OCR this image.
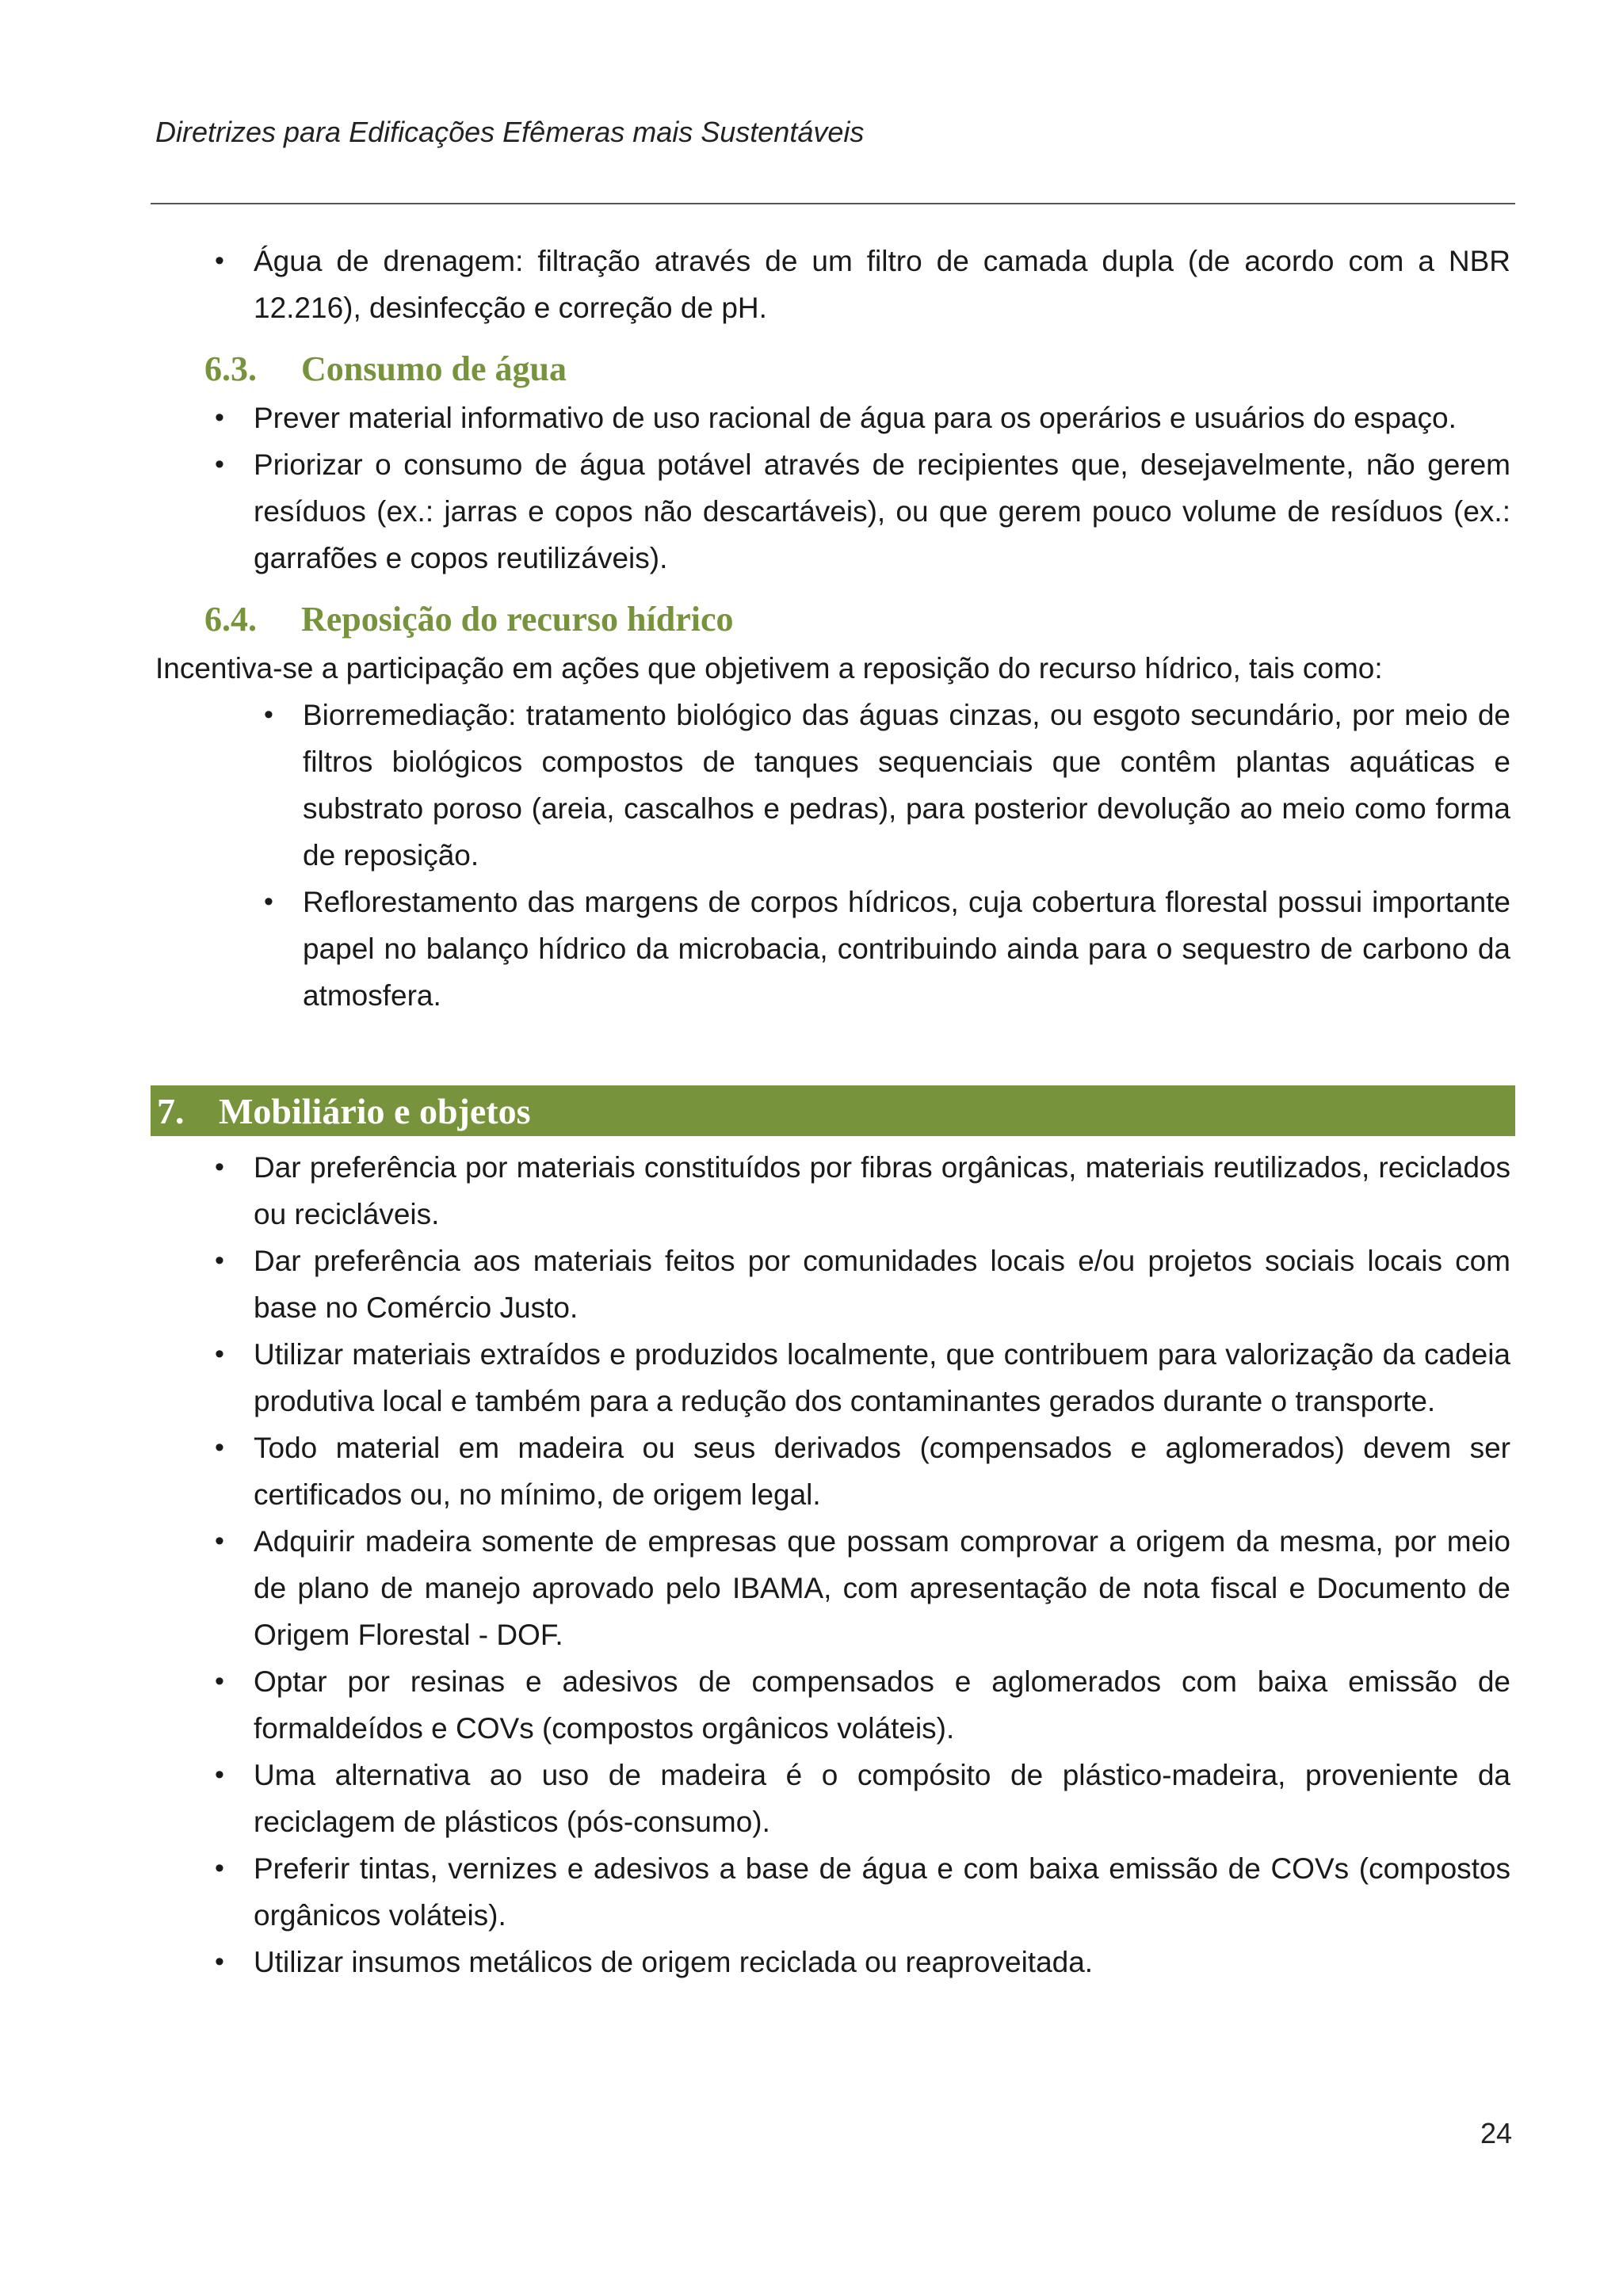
Diretrizes para Edificações Efêmeras mais Sustentáveis
• Água de drenagem: filtração através de um filtro de camada dupla (de acordo com a NBR 12.216), desinfecção e correção de pH.
6.3.	Consumo de água
• Prever material informativo de uso racional de água para os operários e usuários do espaço.
• Priorizar o consumo de água potável através de recipientes que, desejavelmente, não gerem resíduos (ex.: jarras e copos não descartáveis), ou que gerem pouco volume de resíduos (ex.: garrafões e copos reutilizáveis).
6.4.	Reposição do recurso hídrico
Incentiva-se a participação em ações que objetivem a reposição do recurso hídrico, tais como:
• Biorremediação: tratamento biológico das águas cinzas, ou esgoto secundário, por meio de filtros biológicos compostos de tanques sequenciais que contêm plantas aquáticas e substrato poroso (areia, cascalhos e pedras), para posterior devolução ao meio como forma de reposição.
• Reflorestamento das margens de corpos hídricos, cuja cobertura florestal possui importante papel no balanço hídrico da microbacia, contribuindo ainda para o sequestro de carbono da atmosfera.
7. Mobiliário e objetos
• Dar preferência por materiais constituídos por fibras orgânicas, materiais reutilizados, reciclados ou recicláveis.
• Dar preferência aos materiais feitos por comunidades locais e/ou projetos sociais locais com base no Comércio Justo.
• Utilizar materiais extraídos e produzidos localmente, que contribuem para valorização da cadeia produtiva local e também para a redução dos contaminantes gerados durante o transporte.
• Todo material em madeira ou seus derivados (compensados e aglomerados) devem ser certificados ou, no mínimo, de origem legal.
• Adquirir madeira somente de empresas que possam comprovar a origem da mesma, por meio de plano de manejo aprovado pelo IBAMA, com apresentação de nota fiscal e Documento de Origem Florestal - DOF.
• Optar por resinas e adesivos de compensados e aglomerados com baixa emissão de formaldeídos e COVs (compostos orgânicos voláteis).
• Uma alternativa ao uso de madeira é o compósito de plástico-madeira, proveniente da reciclagem de plásticos (pós-consumo).
• Preferir tintas, vernizes e adesivos a base de água e com baixa emissão de COVs (compostos orgânicos voláteis).
• Utilizar insumos metálicos de origem reciclada ou reaproveitada.
24
